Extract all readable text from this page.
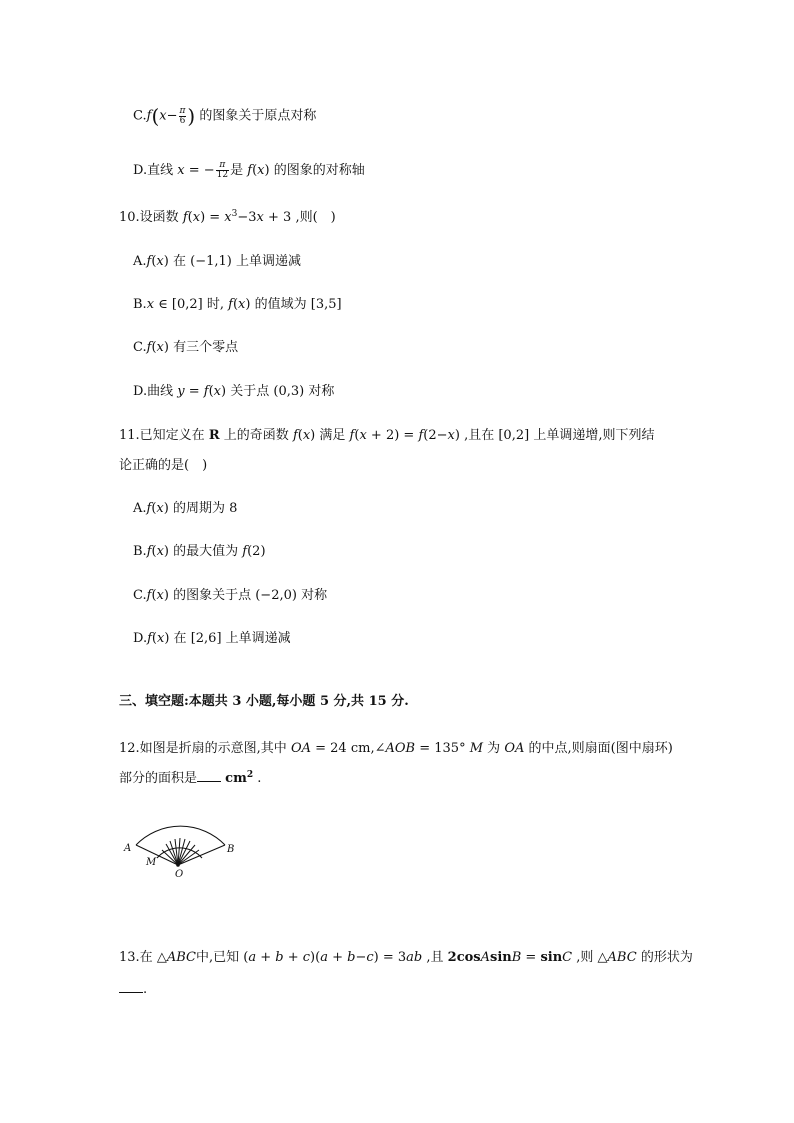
$C.f(x- \frac{\pi}{6}$ ) 的图象关于原点对称
D.直线 x = − $\frac{\pi}{12}$ 是 f(x) 的图象的对称轴
10.设函数 $f(x) = x^3-3x + 3$ ,则(　)
A.f(x) 在 (−1,1) 上单调递减
B.x ∈ [0,2] 时, f(x) 的值域为 [3,5]
C.f(x) 有三个零点
D.曲线 y = f(x) 关于点 (0,3) 对称
11.已知定义在 R 上的奇函数 f(x) 满足 f(x + 2) = f(2−x) ,且在 [0,2] 上单调递增,则下列结
论正确的是(　)
A.f(x) 的周期为 8
B.f(x) 的最大值为 f(2)
C.f(x) 的图象关于点 (−2,0) 对称
D.f(x) 在 [2,6] 上单调递减
三、填空题:本题共 3 小题,每小题 5 分,共 15 分.
12.如图是折扇的示意图,其中 OA = 24 cm,∠AOB = 135° M 为 OA 的中点,则扇面(图中扇环)
部分的面积是 $cm^2$ .
A	B
M
O
13.在 △ABC中,已知 (a + b + c)(a + b−c) = 3ab ,且 2cosAsinB = sinC ,则 △ABC 的形状为
.
